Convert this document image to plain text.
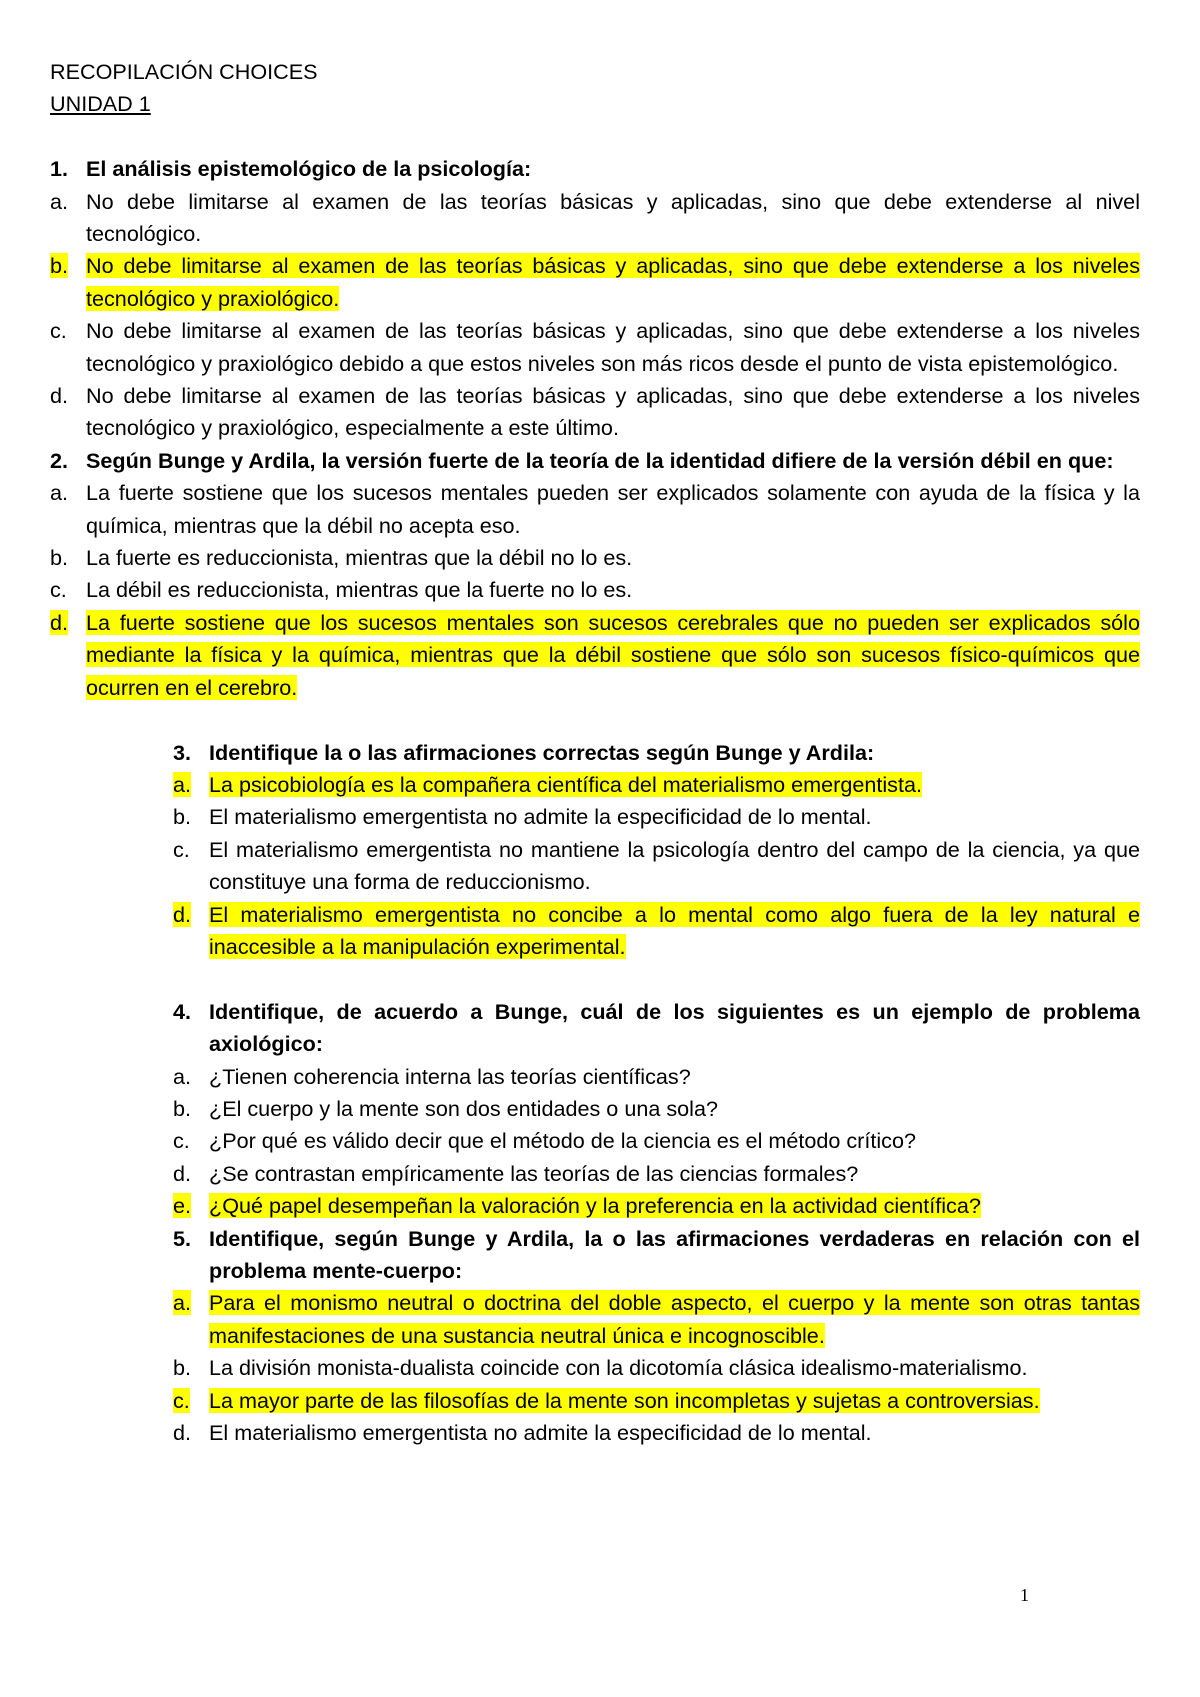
RECOPILACIÓN CHOICES

UNIDAD 1

1. El análisis epistemológico de la psicología:
a. No debe limitarse al examen de las teorías básicas y aplicadas, sino que debe extenderse al nivel tecnológico.
b. No debe limitarse al examen de las teorías básicas y aplicadas, sino que debe extenderse a los niveles tecnológico y praxiológico.
c. No debe limitarse al examen de las teorías básicas y aplicadas, sino que debe extenderse a los niveles tecnológico y praxiológico debido a que estos niveles son más ricos desde el punto de vista epistemológico.
d. No debe limitarse al examen de las teorías básicas y aplicadas, sino que debe extenderse a los niveles tecnológico y praxiológico, especialmente a este último.
2. Según Bunge y Ardila, la versión fuerte de la teoría de la identidad difiere de la versión débil en que:
a. La fuerte sostiene que los sucesos mentales pueden ser explicados solamente con ayuda de la física y la química, mientras que la débil no acepta eso.
b. La fuerte es reduccionista, mientras que la débil no lo es.
c. La débil es reduccionista, mientras que la fuerte no lo es.
d. La fuerte sostiene que los sucesos mentales son sucesos cerebrales que no pueden ser explicados sólo mediante la física y la química, mientras que la débil sostiene que sólo son sucesos físico-químicos que ocurren en el cerebro.
3. Identifique la o las afirmaciones correctas según Bunge y Ardila:
a. La psicobiología es la compañera científica del materialismo emergentista.
b. El materialismo emergentista no admite la especificidad de lo mental.
c. El materialismo emergentista no mantiene la psicología dentro del campo de la ciencia, ya que constituye una forma de reduccionismo.
d. El materialismo emergentista no concibe a lo mental como algo fuera de la ley natural e inaccesible a la manipulación experimental.
4. Identifique, de acuerdo a Bunge, cuál de los siguientes es un ejemplo de problema axiológico:
a. ¿Tienen coherencia interna las teorías científicas?
b. ¿El cuerpo y la mente son dos entidades o una sola?
c. ¿Por qué es válido decir que el método de la ciencia es el método crítico?
d. ¿Se contrastan empíricamente las teorías de las ciencias formales?
e. ¿Qué papel desempeñan la valoración y la preferencia en la actividad científica?
5. Identifique, según Bunge y Ardila, la o las afirmaciones verdaderas en relación con el problema mente-cuerpo:
a. Para el monismo neutral o doctrina del doble aspecto, el cuerpo y la mente son otras tantas manifestaciones de una sustancia neutral única e incognoscible.
b. La división monista-dualista coincide con la dicotomía clásica idealismo-materialismo.
c. La mayor parte de las filosofías de la mente son incompletas y sujetas a controversias.
d. El materialismo emergentista no admite la especificidad de lo mental.
1
